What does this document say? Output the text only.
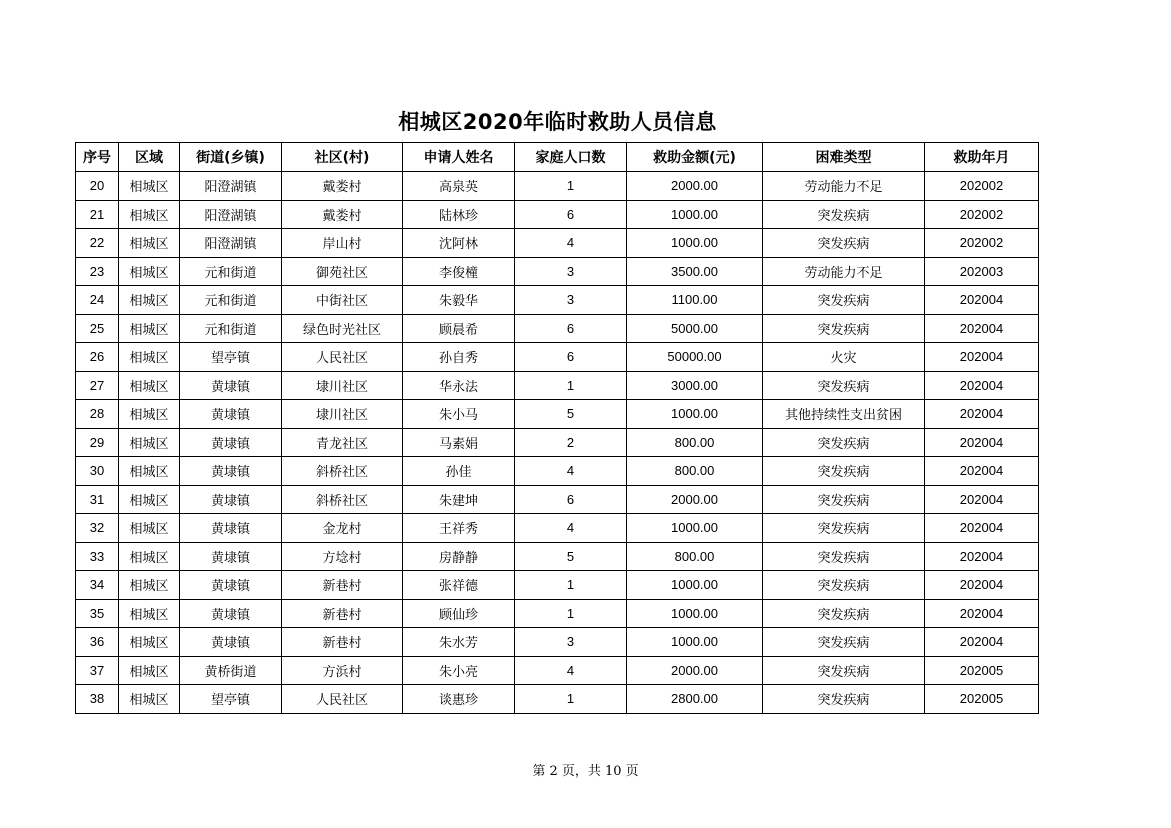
相城区2020年临时救助人员信息
序号	区域	街道(乡镇)	社区(村)	申请人姓名	家庭人口数	救助金额(元)	困难类型	救助年月
20	相城区	阳澄湖镇	戴娄村	高泉英	1	2000.00	劳动能力不足	202002
21	相城区	阳澄湖镇	戴娄村	陆林珍	6	1000.00	突发疾病	202002
22	相城区	阳澄湖镇	岸山村	沈阿林	4	1000.00	突发疾病	202002
23	相城区	元和街道	御苑社区	李俊橦	3	3500.00	劳动能力不足	202003
24	相城区	元和街道	中街社区	朱毅华	3	1100.00	突发疾病	202004
25	相城区	元和街道	绿色时光社区	顾晨希	6	5000.00	突发疾病	202004
26	相城区	望亭镇	人民社区	孙自秀	6	50000.00	火灾	202004
27	相城区	黄埭镇	埭川社区	华永法	1	3000.00	突发疾病	202004
28	相城区	黄埭镇	埭川社区	朱小马	5	1000.00	其他持续性支出贫困	202004
29	相城区	黄埭镇	青龙社区	马素娟	2	800.00	突发疾病	202004
30	相城区	黄埭镇	斜桥社区	孙佳	4	800.00	突发疾病	202004
31	相城区	黄埭镇	斜桥社区	朱建坤	6	2000.00	突发疾病	202004
32	相城区	黄埭镇	金龙村	王祥秀	4	1000.00	突发疾病	202004
33	相城区	黄埭镇	方埝村	房静静	5	800.00	突发疾病	202004
34	相城区	黄埭镇	新巷村	张祥德	1	1000.00	突发疾病	202004
35	相城区	黄埭镇	新巷村	顾仙珍	1	1000.00	突发疾病	202004
36	相城区	黄埭镇	新巷村	朱水芳	3	1000.00	突发疾病	202004
37	相城区	黄桥街道	方浜村	朱小亮	4	2000.00	突发疾病	202005
38	相城区	望亭镇	人民社区	谈惠珍	1	2800.00	突发疾病	202005
第 2 页，共 10 页
